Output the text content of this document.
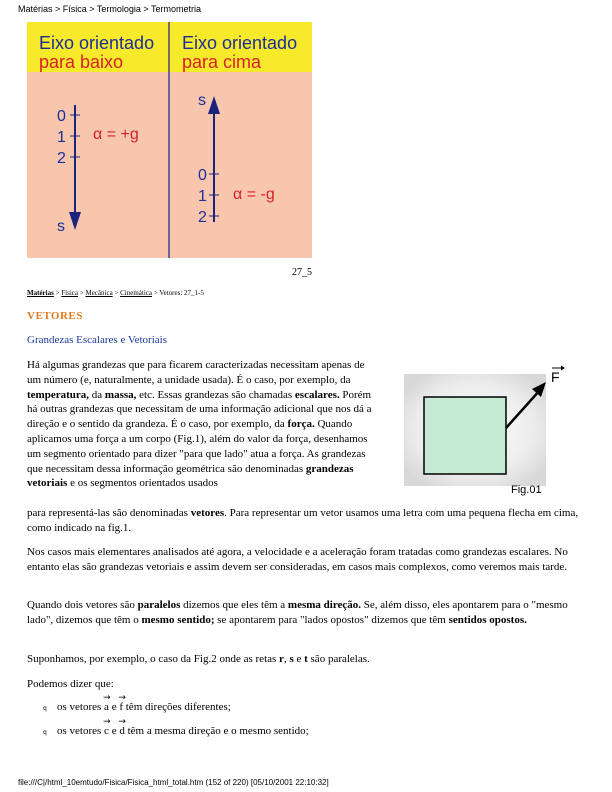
Matérias > Física > Termologia > Termometria
Eixo orientado
para baixo
Eixo orientado
para cima
0
1
2
s
α = +g
s
0
1
2
α = -g
27_5
Matérias > Física > Mecânica > Cinemática > Vetores: 27_1-5
VETORES
Grandezas Escalares e Vetoriais
Há algumas grandezas que para ficarem caracterizadas necessitam apenas de um número (e, naturalmente, a unidade usada). É o caso, por exemplo, da temperatura, da massa, etc. Essas grandezas são chamadas escalares. Porém há outras grandezas que necessitam de uma informação adicional que nos dá a direção e o sentido da grandeza. É o caso, por exemplo, da força. Quando aplicamos uma força a um corpo (Fig.1), além do valor da força, desenhamos um segmento orientado para dizer "para que lado" atua a força. As grandezas que necessitam dessa informação geométrica são denominadas grandezas vetoriais e os segmentos orientados usados
para representá-las são denominadas vetores. Para representar um vetor usamos uma letra com uma pequena flecha em cima, como indicado na fig.1.
F
Fig.01
Nos casos mais elementares analisados até agora, a velocidade e a aceleração foram tratadas como grandezas escalares. No entanto elas são grandezas vetoriais e assim devem ser consideradas, em casos mais complexos, como veremos mais tarde.
Quando dois vetores são paralelos dizemos que eles têm a mesma direção. Se, além disso, eles apontarem para o "mesmo lado", dizemos que têm o mesmo sentido; se apontarem para "lados opostos" dizemos que têm sentidos opostos.
Suponhamos, por exemplo, o caso da Fig.2 onde as retas r, s e t são paralelas.
Podemos dizer que:
q os vetores
→
a e
→
f têm direções diferentes;
q os vetores
→
c e
→
d têm a mesma direção e o mesmo sentido;
file:///C|/html_10emtudo/Fisica/Fisica_html_total.htm (152 of 220) [05/10/2001 22:10:32]
